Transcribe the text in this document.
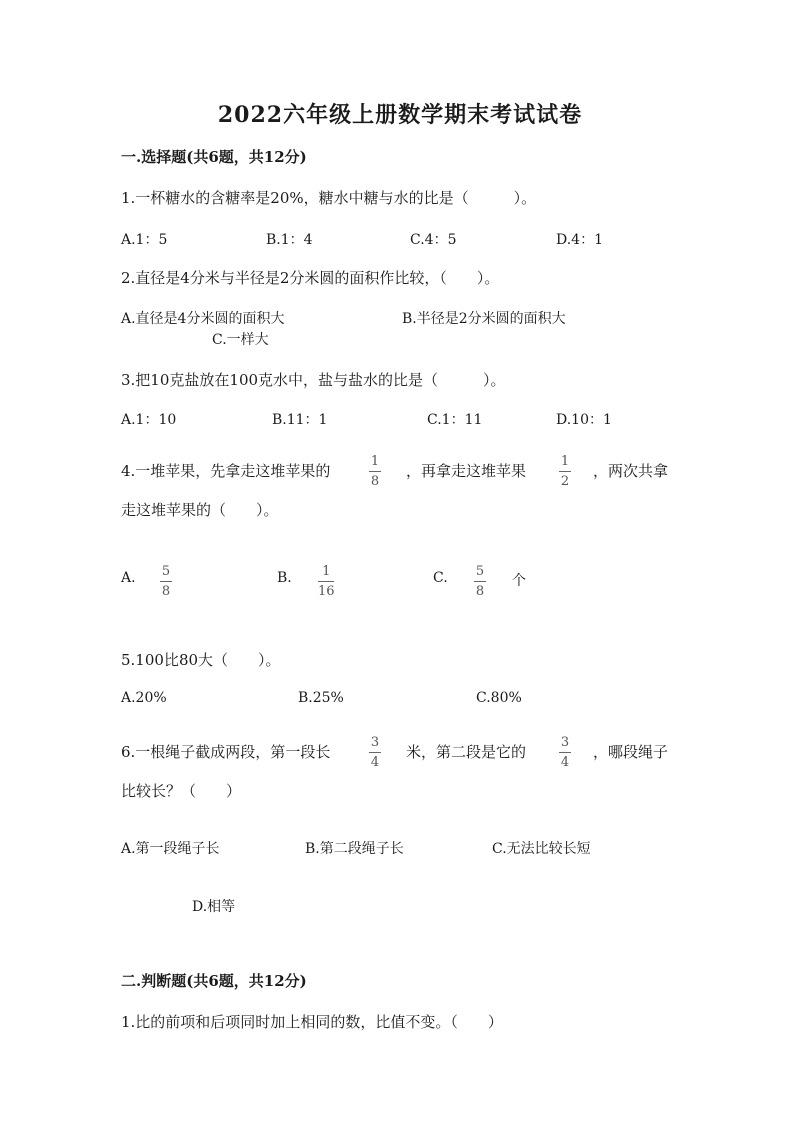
2022六年级上册数学期末考试试卷
一.选择题(共6题，共12分)
1.一杯糖水的含糖率是20%，糖水中糖与水的比是（　　　）。
A.1：5	B.1：4	C.4：5	D.4：1
2.直径是4分米与半径是2分米圆的面积作比较，（　　）。
A.直径是4分米圆的面积大	B.半径是2分米圆的面积大
C.一样大
3.把10克盐放在100克水中，盐与盐水的比是（　　　）。
A.1：10	B.11：1	C.1：11	D.10：1
4.一堆苹果，先拿走这堆苹果的
1
8
，再拿走这堆苹果
1
2
，两次共拿
走这堆苹果的（　　）。
A. 5
8
B. 1
16
C. 5
8
个
5.100比80大（　　）。
A.20%	B.25%	C.80%
6.一根绳子截成两段，第一段长
3
4
米，第二段是它的
3
4
，哪段绳子
比较长？（　　）
A.第一段绳子长	B.第二段绳子长	C.无法比较长短
D.相等
二.判断题(共6题，共12分)
1.比的前项和后项同时加上相同的数，比值不变。（　　）
